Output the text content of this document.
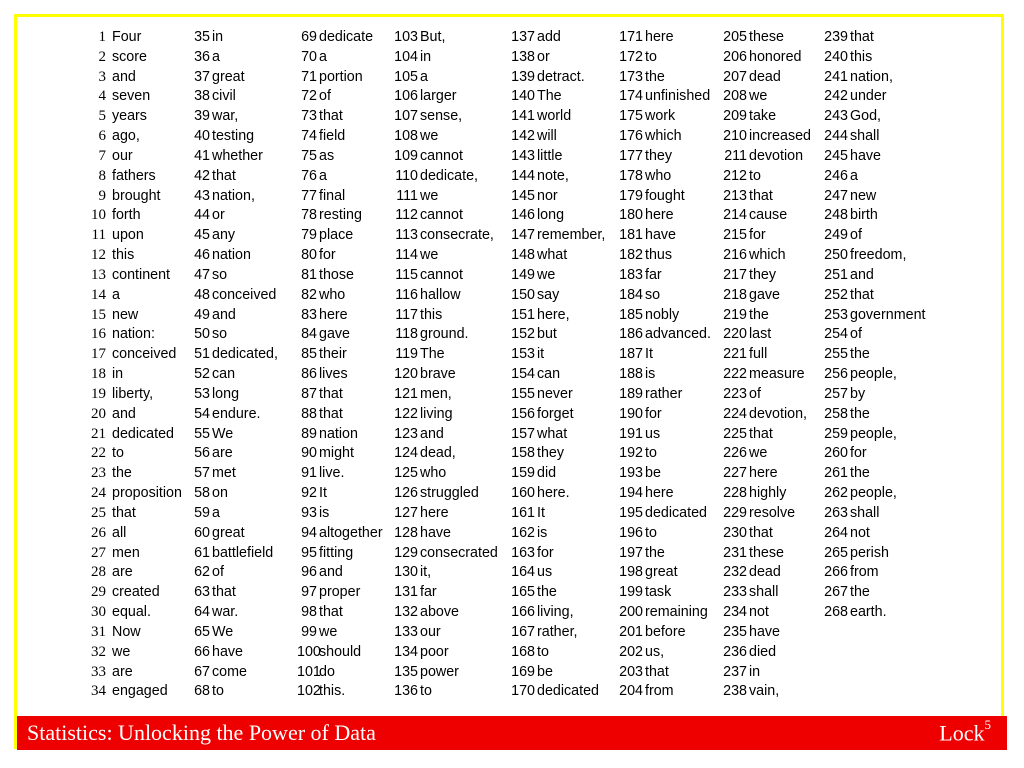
1 Four
2 score
3 and
4 seven
5 years
6 ago,
7 our
8 fathers
9 brought
10 forth
11 upon
12 this
13 continent
14 a
15 new
16 nation:
17 conceived
18 in
19 liberty,
20 and
21 dedicated
22 to
23 the
24 proposition
25 that
26 all
27 men
28 are
29 created
30 equal.
31 Now
32 we
33 are
34 engaged
35 in
36 a
37 great
38 civil
39 war,
40 testing
41 whether
42 that
43 nation,
44 or
45 any
46 nation
47 so
48 conceived
49 and
50 so
51 dedicated,
52 can
53 long
54 endure.
55 We
56 are
57 met
58 on
59 a
60 great
61 battlefield
62 of
63 that
64 war.
65 We
66 have
67 come
68 to
69 dedicate
70 a
71 portion
72 of
73 that
74 field
75 as
76 a
77 final
78 resting
79 place
80 for
81 those
82 who
83 here
84 gave
85 their
86 lives
87 that
88 that
89 nation
90 might
91 live.
92 It
93 is
94 altogether
95 fitting
96 and
97 proper
98 that
99 we
100
should
101
do
102
this.
103 But,
104 in
105 a
106 larger
107 sense,
108 we
109 cannot
110 dedicate,
111 we
112 cannot
113 consecrate,
114 we
115 cannot
116 hallow
117 this
118 ground.
119 The
120 brave
121 men,
122 living
123 and
124 dead,
125 who
126 struggled
127 here
128 have
129 consecrated
130 it,
131 far
132 above
133 our
134 poor
135 power
136 to
137 add
138 or
139 detract.
140 The
141 world
142 will
143 little
144 note,
145 nor
146 long
147 remember,
148 what
149 we
150 say
151 here,
152 but
153 it
154 can
155 never
156 forget
157 what
158 they
159 did
160 here.
161 It
162 is
163 for
164 us
165 the
166 living,
167 rather,
168 to
169 be
170 dedicated
171 here
172 to
173 the
174 unfinished
175 work
176 which
177 they
178 who
179 fought
180 here
181 have
182 thus
183 far
184 so
185 nobly
186 advanced.
187 It
188 is
189 rather
190 for
191 us
192 to
193 be
194 here
195 dedicated
196 to
197 the
198 great
199 task
200 remaining
201 before
202 us,
203 that
204 from
205 these
206 honored
207 dead
208 we
209 take
210 increased
211 devotion
212 to
213 that
214 cause
215 for
216 which
217 they
218 gave
219 the
220 last
221 full
222 measure
223 of
224 devotion,
225 that
226 we
227 here
228 highly
229 resolve
230 that
231 these
232 dead
233 shall
234 not
235 have
236 died
237 in
238 vain,
239 that
240 this
241 nation,
242 under
243 God,
244 shall
245 have
246 a
247 new
248 birth
249 of
250 freedom,
251 and
252 that
253 government
254 of
255 the
256 people,
257 by
258 the
259 people,
260 for
261 the
262 people,
263 shall
264 not
265 perish
266 from
267 the
268 earth.
Statistics: Unlocking the Power of Data	Lock$^5$
